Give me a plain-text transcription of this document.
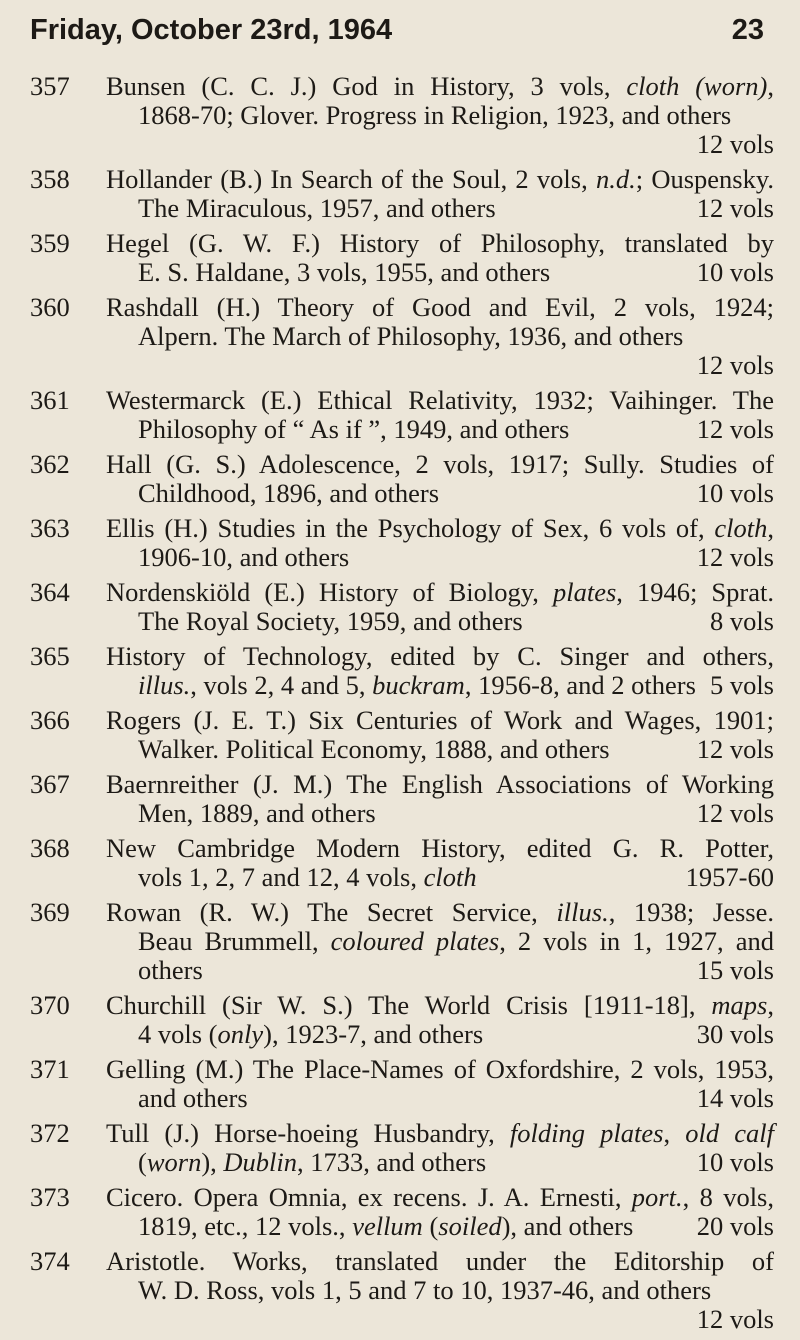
Friday, October 23rd, 1964	23
357	Bunsen (C. C. J.) God in History, 3 vols, cloth (worn),
1868-70; Glover. Progress in Religion, 1923, and others
12 vols
358	Hollander (B.) In Search of the Soul, 2 vols, n.d.; Ouspensky.
The Miraculous, 1957, and others	12 vols
359	Hegel (G. W. F.) History of Philosophy, translated by
E. S. Haldane, 3 vols, 1955, and others	10 vols
360	Rashdall (H.) Theory of Good and Evil, 2 vols, 1924;
Alpern. The March of Philosophy, 1936, and others
12 vols
361	Westermarck (E.) Ethical Relativity, 1932; Vaihinger. The
Philosophy of “ As if ”, 1949, and others	12 vols
362	Hall (G. S.) Adolescence, 2 vols, 1917; Sully. Studies of
Childhood, 1896, and others	10 vols
363	Ellis (H.) Studies in the Psychology of Sex, 6 vols of, cloth,
1906-10, and others	12 vols
364	Nordenskiöld (E.) History of Biology, plates, 1946; Sprat.
The Royal Society, 1959, and others	8 vols
365	History of Technology, edited by C. Singer and others,
illus., vols 2, 4 and 5, buckram, 1956-8, and 2 others 5 vols
366	Rogers (J. E. T.) Six Centuries of Work and Wages, 1901;
Walker. Political Economy, 1888, and others	12 vols
367	Baernreither (J. M.) The English Associations of Working
Men, 1889, and others	12 vols
368	New Cambridge Modern History, edited G. R. Potter,
vols 1, 2, 7 and 12, 4 vols, cloth	1957-60
369	Rowan (R. W.) The Secret Service, illus., 1938; Jesse.
Beau Brummell, coloured plates, 2 vols in 1, 1927, and
others	15 vols
370	Churchill (Sir W. S.) The World Crisis [1911-18], maps,
4 vols (only), 1923-7, and others	30 vols
371	Gelling (M.) The Place-Names of Oxfordshire, 2 vols, 1953,
and others	14 vols
372	Tull (J.) Horse-hoeing Husbandry, folding plates, old calf
(worn), Dublin, 1733, and others	10 vols
373	Cicero. Opera Omnia, ex recens. J. A. Ernesti, port., 8 vols,
1819, etc., 12 vols., vellum (soiled), and others 20 vols
374	Aristotle. Works, translated under the Editorship of
W. D. Ross, vols 1, 5 and 7 to 10, 1937-46, and others
12 vols
